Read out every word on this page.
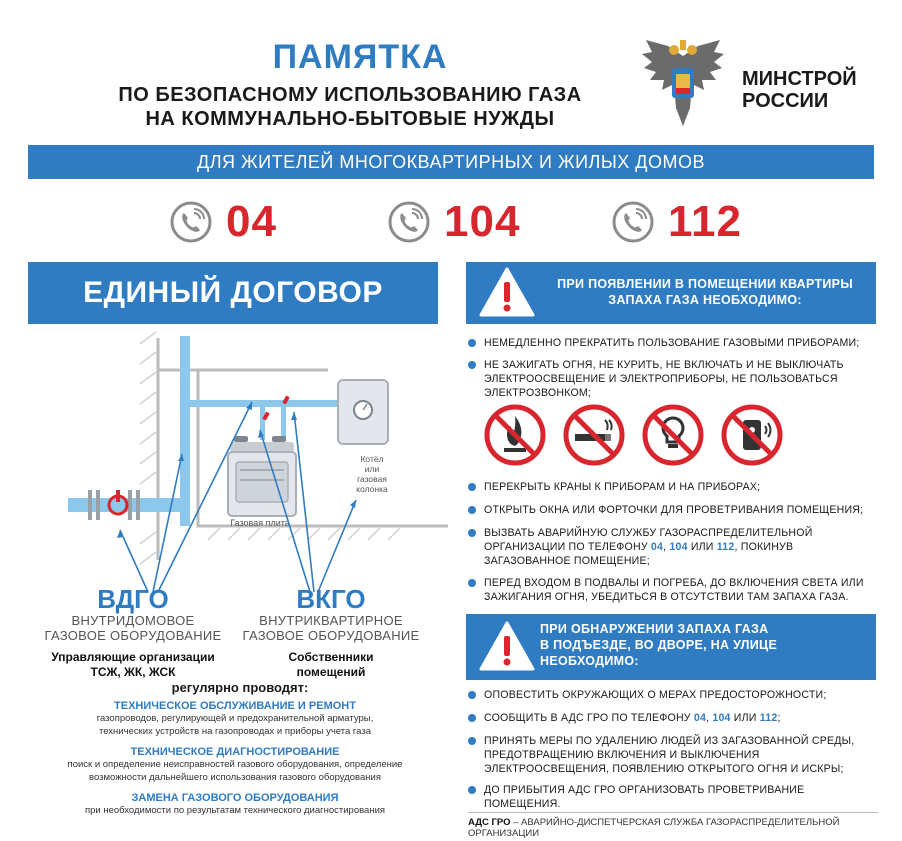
ПАМЯТКА
ПО БЕЗОПАСНОМУ ИСПОЛЬЗОВАНИЮ ГАЗА
НА КОММУНАЛЬНО-БЫТОВЫЕ НУЖДЫ
МИНСТРОЙ
РОССИИ
ДЛЯ ЖИТЕЛЕЙ МНОГОКВАРТИРНЫХ И ЖИЛЫХ ДОМОВ
04	104	112
ЕДИНЫЙ ДОГОВОР
Котёл
или
газовая
колонка
Газовая плита
ВДГО
ВНУТРИДОМОВОЕ
ГАЗОВОЕ ОБОРУДОВАНИЕ
Управляющие организации
ТСЖ, ЖК, ЖСК
ВКГО
ВНУТРИКВАРТИРНОЕ
ГАЗОВОЕ ОБОРУДОВАНИЕ
Собственники
помещений
регулярно проводят:
ТЕХНИЧЕСКОЕ ОБСЛУЖИВАНИЕ И РЕМОНТ
газопроводов, регулирующей и предохранительной арматуры,
технических устройств на газопроводах и приборы учета газа
ТЕХНИЧЕСКОЕ ДИАГНОСТИРОВАНИЕ
поиск и определение неисправностей газового оборудования, определение
возможности дальнейшего использования газового оборудования
ЗАМЕНА ГАЗОВОГО ОБОРУДОВАНИЯ
при необходимости по результатам технического диагностирования
ПРИ ПОЯВЛЕНИИ В ПОМЕЩЕНИИ КВАРТИРЫ
ЗАПАХА ГАЗА НЕОБХОДИМО:
НЕМЕДЛЕННО ПРЕКРАТИТЬ ПОЛЬЗОВАНИЕ ГАЗОВЫМИ ПРИБОРАМИ;
НЕ ЗАЖИГАТЬ ОГНЯ, НЕ КУРИТЬ, НЕ ВКЛЮЧАТЬ И НЕ ВЫКЛЮЧАТЬ ЭЛЕКТРООСВЕЩЕНИЕ И ЭЛЕКТРОПРИБОРЫ, НЕ ПОЛЬЗОВАТЬСЯ ЭЛЕКТРОЗВОНКОМ;
ПЕРЕКРЫТЬ КРАНЫ К ПРИБОРАМ И НА ПРИБОРАХ;
ОТКРЫТЬ ОКНА ИЛИ ФОРТОЧКИ ДЛЯ ПРОВЕТРИВАНИЯ ПОМЕЩЕНИЯ;
ВЫЗВАТЬ АВАРИЙНУЮ СЛУЖБУ ГАЗОРАСПРЕДЕЛИТЕЛЬНОЙ ОРГАНИЗАЦИИ ПО ТЕЛЕФОНУ 04, 104 ИЛИ 112, ПОКИНУВ ЗАГАЗОВАННОЕ ПОМЕЩЕНИЕ;
ПЕРЕД ВХОДОМ В ПОДВАЛЫ И ПОГРЕБА, ДО ВКЛЮЧЕНИЯ СВЕТА ИЛИ ЗАЖИГАНИЯ ОГНЯ, УБЕДИТЬСЯ В ОТСУТСТВИИ ТАМ ЗАПАХА ГАЗА.
ПРИ ОБНАРУЖЕНИИ ЗАПАХА ГАЗА
В ПОДЪЕЗДЕ, ВО ДВОРЕ, НА УЛИЦЕ
НЕОБХОДИМО:
ОПОВЕСТИТЬ ОКРУЖАЮЩИХ О МЕРАХ ПРЕДОСТОРОЖНОСТИ;
СООБЩИТЬ В АДС ГРО ПО ТЕЛЕФОНУ 04, 104 ИЛИ 112;
ПРИНЯТЬ МЕРЫ ПО УДАЛЕНИЮ ЛЮДЕЙ ИЗ ЗАГАЗОВАННОЙ СРЕДЫ, ПРЕДОТВРАЩЕНИЮ ВКЛЮЧЕНИЯ И ВЫКЛЮЧЕНИЯ ЭЛЕКТРООСВЕЩЕНИЯ, ПОЯВЛЕНИЮ ОТКРЫТОГО ОГНЯ И ИСКРЫ;
ДО ПРИБЫТИЯ АДС ГРО ОРГАНИЗОВАТЬ ПРОВЕТРИВАНИЕ ПОМЕЩЕНИЯ.
АДС ГРО – АВАРИЙНО-ДИСПЕТЧЕРСКАЯ СЛУЖБА ГАЗОРАСПРЕДЕЛИТЕЛЬНОЙ ОРГАНИЗАЦИИ
